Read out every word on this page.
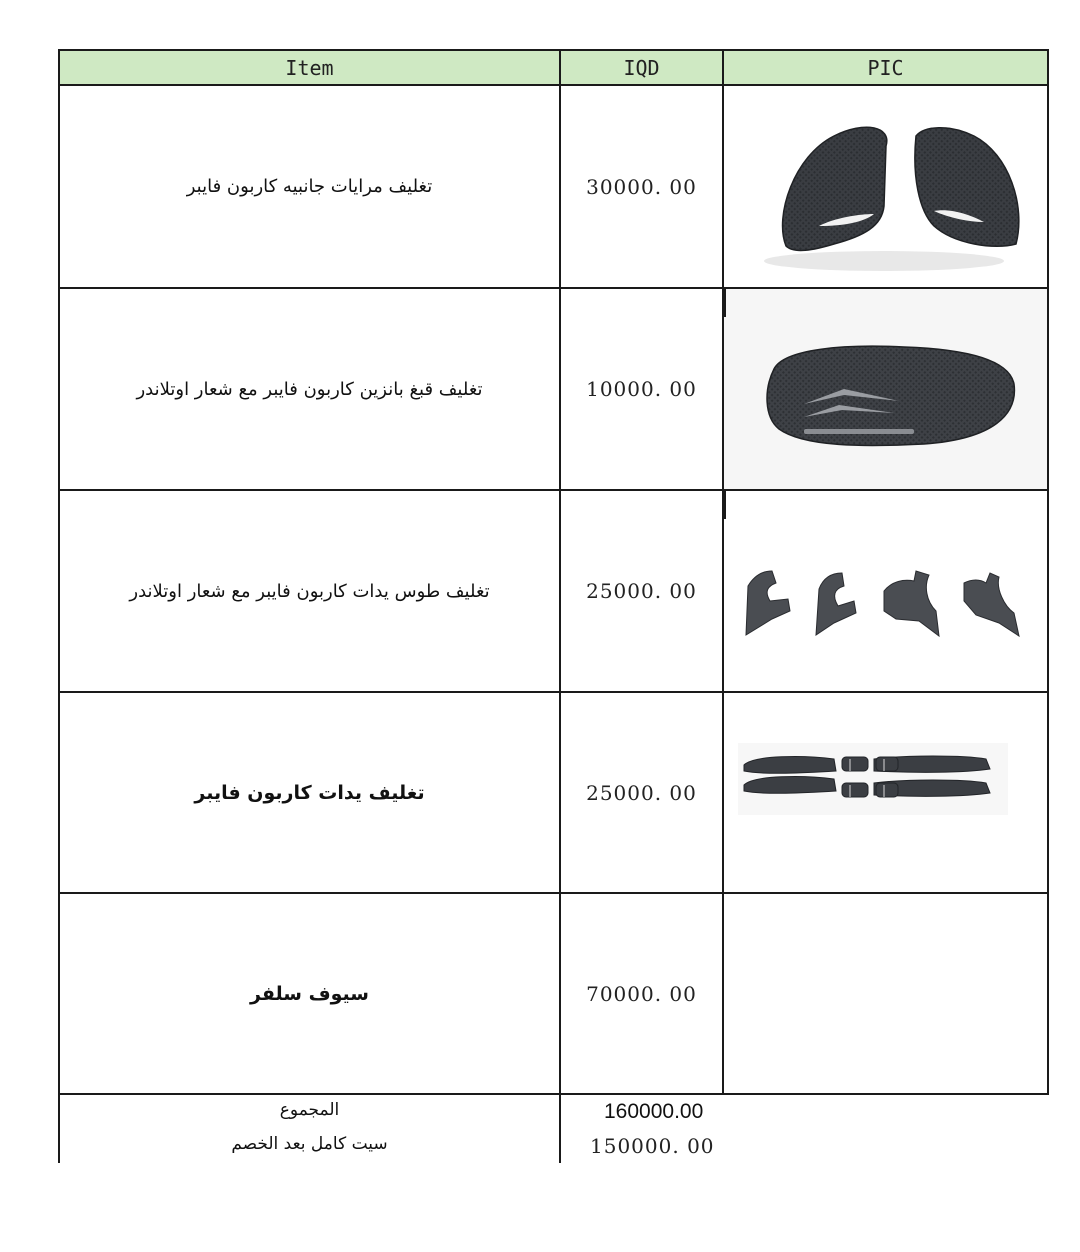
Item	IQD	PIC
تغليف مرايات جانبيه كاربون فايبر	30000. 00
تغليف قبغ بانزين كاربون فايبر مع شعار اوتلاندر	10000. 00
تغليف طوس يدات كاربون فايبر مع شعار اوتلاندر	25000. 00
تغليف يدات كاربون فايبر	25000. 00
سيوف سلفر	70000. 00
المجموع	160000.00
سيت كامل بعد الخصم	150000. 00
